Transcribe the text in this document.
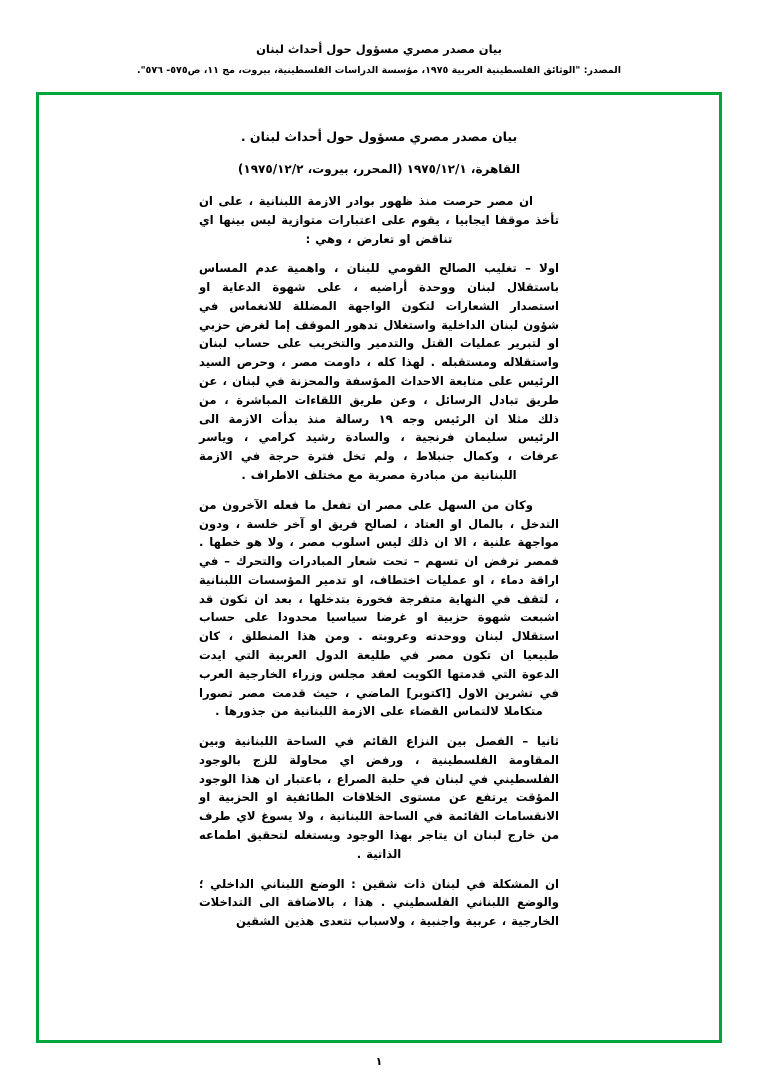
بيان مصدر مصري مسؤول حول أحداث لبنان
المصدر: "الوثائق الفلسطينية العربية ١٩٧٥، مؤسسة الدراسات الفلسطينية، بيروت، مج ١١، ص٥٧٥- ٥٧٦".
بيان مصدر مصري مسؤول حول أحداث لبنان .
القاهرة، ١٩٧٥/١٢/١ (المحرر، بيروت، ١٩٧٥/١٢/٢)

ان مصر حرصت منذ ظهور بوادر الازمة اللبنانية ، على ان تأخذ موقفا ايجابيا ، يقوم على اعتبارات متوازية ليس بينها اي تناقض او تعارض ، وهي :

اولا – تغليب الصالح القومي للبنان ، واهمية عدم المساس باستقلال لبنان ووحدة أراضيه ، على شهوة الدعاية او استصدار الشعارات لتكون الواجهة المضللة للانغماس في شؤون لبنان الداخلية واستغلال تدهور الموقف إما لغرض حزبي او لتبرير عمليات القتل والتدمير والتخريب على حساب لبنان واستقلاله ومستقبله . لهذا كله ، داومت مصر ، وحرص السيد الرئيس على متابعة الاحداث المؤسفة والمحزنة في لبنان ، عن طريق تبادل الرسائل ، وعن طريق اللقاءات المباشرة ، من ذلك مثلا ان الرئيس وجه ١٩ رسالة منذ بدأت الازمة الى الرئيس سليمان فرنجية ، والسادة رشيد كرامي ، وياسر عرفات ، وكمال جنبلاط ، ولم تخل فترة حرجة في الازمة اللبنانية من مبادرة مصرية مع مختلف الاطراف .

وكان من السهل على مصر ان تفعل ما فعله الآخرون من التدخل ، بالمال او العتاد ، لصالح فريق او آخر خلسة ، ودون مواجهة علنية ، الا ان ذلك ليس اسلوب مصر ، ولا هو خطها . فمصر ترفض ان تسهم – تحت شعار المبادرات والتحرك – في اراقة دماء ، او عمليات اختطاف، او تدمير المؤسسات اللبنانية ، لتقف في النهاية متفرجة فخورة بتدخلها ، بعد ان تكون قد اشبعت شهوة حزبية او غرضا سياسيا محدودا على حساب استقلال لبنان ووحدته وعروبته . ومن هذا المنطلق ، كان طبيعيا ان تكون مصر في طليعة الدول العربية التي ايدت الدعوة التي قدمتها الكويت لعقد مجلس وزراء الخارجية العرب في تشرين الاول [اكتوبر] الماضي ، حيث قدمت مصر تصورا متكاملا لالتماس القضاء على الازمة اللبنانية من جذورها .

ثانيا – الفصل بين النزاع القائم في الساحة اللبنانية وبين المقاومة الفلسطينية ، ورفض اي محاولة للزج بالوجود الفلسطيني في لبنان في حلبة الصراع ، باعتبار ان هذا الوجود المؤقت يرتفع عن مستوى الخلافات الطائفية او الحزبية او الانقسامات القائمة في الساحة اللبنانية ، ولا يسوغ لاي طرف من خارج لبنان ان يتاجر بهذا الوجود ويستغله لتحقيق اطماعه الذاتية .

ان المشكلة في لبنان ذات شقين : الوضع اللبناني الداخلي ؛ والوضع اللبناني الفلسطيني . هذا ، بالاضافة الى التداخلات الخارجية ، عربية واجنبية ، ولاسباب تتعدى هذين الشقين

١
